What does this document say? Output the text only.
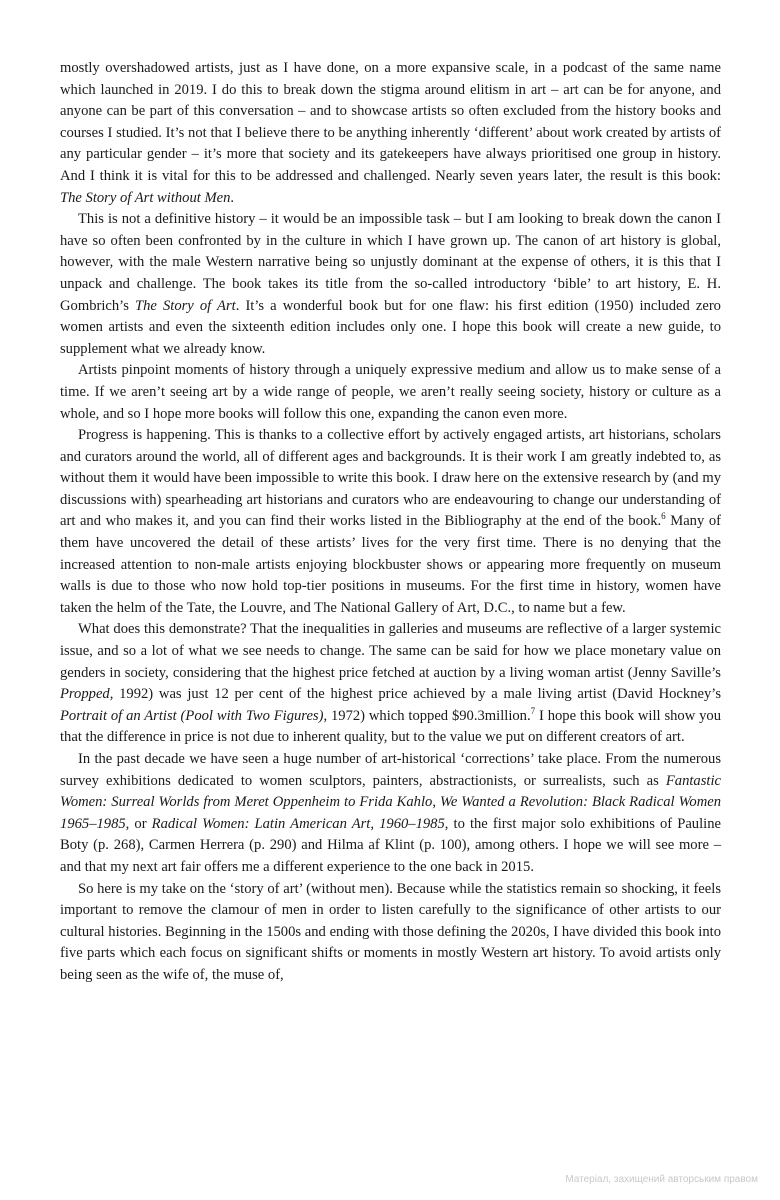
mostly overshadowed artists, just as I have done, on a more expansive scale, in a podcast of the same name which launched in 2019. I do this to break down the stigma around elitism in art – art can be for anyone, and anyone can be part of this conversation – and to showcase artists so often excluded from the history books and courses I studied. It’s not that I believe there to be anything inherently ‘different’ about work created by artists of any particular gender – it’s more that society and its gatekeepers have always prioritised one group in history. And I think it is vital for this to be addressed and challenged. Nearly seven years later, the result is this book: The Story of Art without Men.

This is not a definitive history – it would be an impossible task – but I am looking to break down the canon I have so often been confronted by in the culture in which I have grown up. The canon of art history is global, however, with the male Western narrative being so unjustly dominant at the expense of others, it is this that I unpack and challenge. The book takes its title from the so-called introductory ‘bible’ to art history, E. H. Gombrich’s The Story of Art. It’s a wonderful book but for one flaw: his first edition (1950) included zero women artists and even the sixteenth edition includes only one. I hope this book will create a new guide, to supplement what we already know.

Artists pinpoint moments of history through a uniquely expressive medium and allow us to make sense of a time. If we aren’t seeing art by a wide range of people, we aren’t really seeing society, history or culture as a whole, and so I hope more books will follow this one, expanding the canon even more.

Progress is happening. This is thanks to a collective effort by actively engaged artists, art historians, scholars and curators around the world, all of different ages and backgrounds. It is their work I am greatly indebted to, as without them it would have been impossible to write this book. I draw here on the extensive research by (and my discussions with) spearheading art historians and curators who are endeavouring to change our understanding of art and who makes it, and you can find their works listed in the Bibliography at the end of the book.$^6$ Many of them have uncovered the detail of these artists’ lives for the very first time. There is no denying that the increased attention to non-male artists enjoying blockbuster shows or appearing more frequently on museum walls is due to those who now hold top-tier positions in museums. For the first time in history, women have taken the helm of the Tate, the Louvre, and The National Gallery of Art, D.C., to name but a few.

What does this demonstrate? That the inequalities in galleries and museums are reflective of a larger systemic issue, and so a lot of what we see needs to change. The same can be said for how we place monetary value on genders in society, considering that the highest price fetched at auction by a living woman artist (Jenny Saville’s Propped, 1992) was just 12 per cent of the highest price achieved by a male living artist (David Hockney’s Portrait of an Artist (Pool with Two Figures), 1972) which topped $90.3million.$^7$ I hope this book will show you that the difference in price is not due to inherent quality, but to the value we put on different creators of art.

In the past decade we have seen a huge number of art-historical ‘corrections’ take place. From the numerous survey exhibitions dedicated to women sculptors, painters, abstractionists, or surrealists, such as Fantastic Women: Surreal Worlds from Meret Oppenheim to Frida Kahlo, We Wanted a Revolution: Black Radical Women 1965–1985, or Radical Women: Latin American Art, 1960–1985, to the first major solo exhibitions of Pauline Boty (p. 268), Carmen Herrera (p. 290) and Hilma af Klint (p. 100), among others. I hope we will see more – and that my next art fair offers me a different experience to the one back in 2015.

So here is my take on the ‘story of art’ (without men). Because while the statistics remain so shocking, it feels important to remove the clamour of men in order to listen carefully to the significance of other artists to our cultural histories. Beginning in the 1500s and ending with those defining the 2020s, I have divided this book into five parts which each focus on significant shifts or moments in mostly Western art history. To avoid artists only being seen as the wife of, the muse of,

Матеріал, захищений авторським правом
